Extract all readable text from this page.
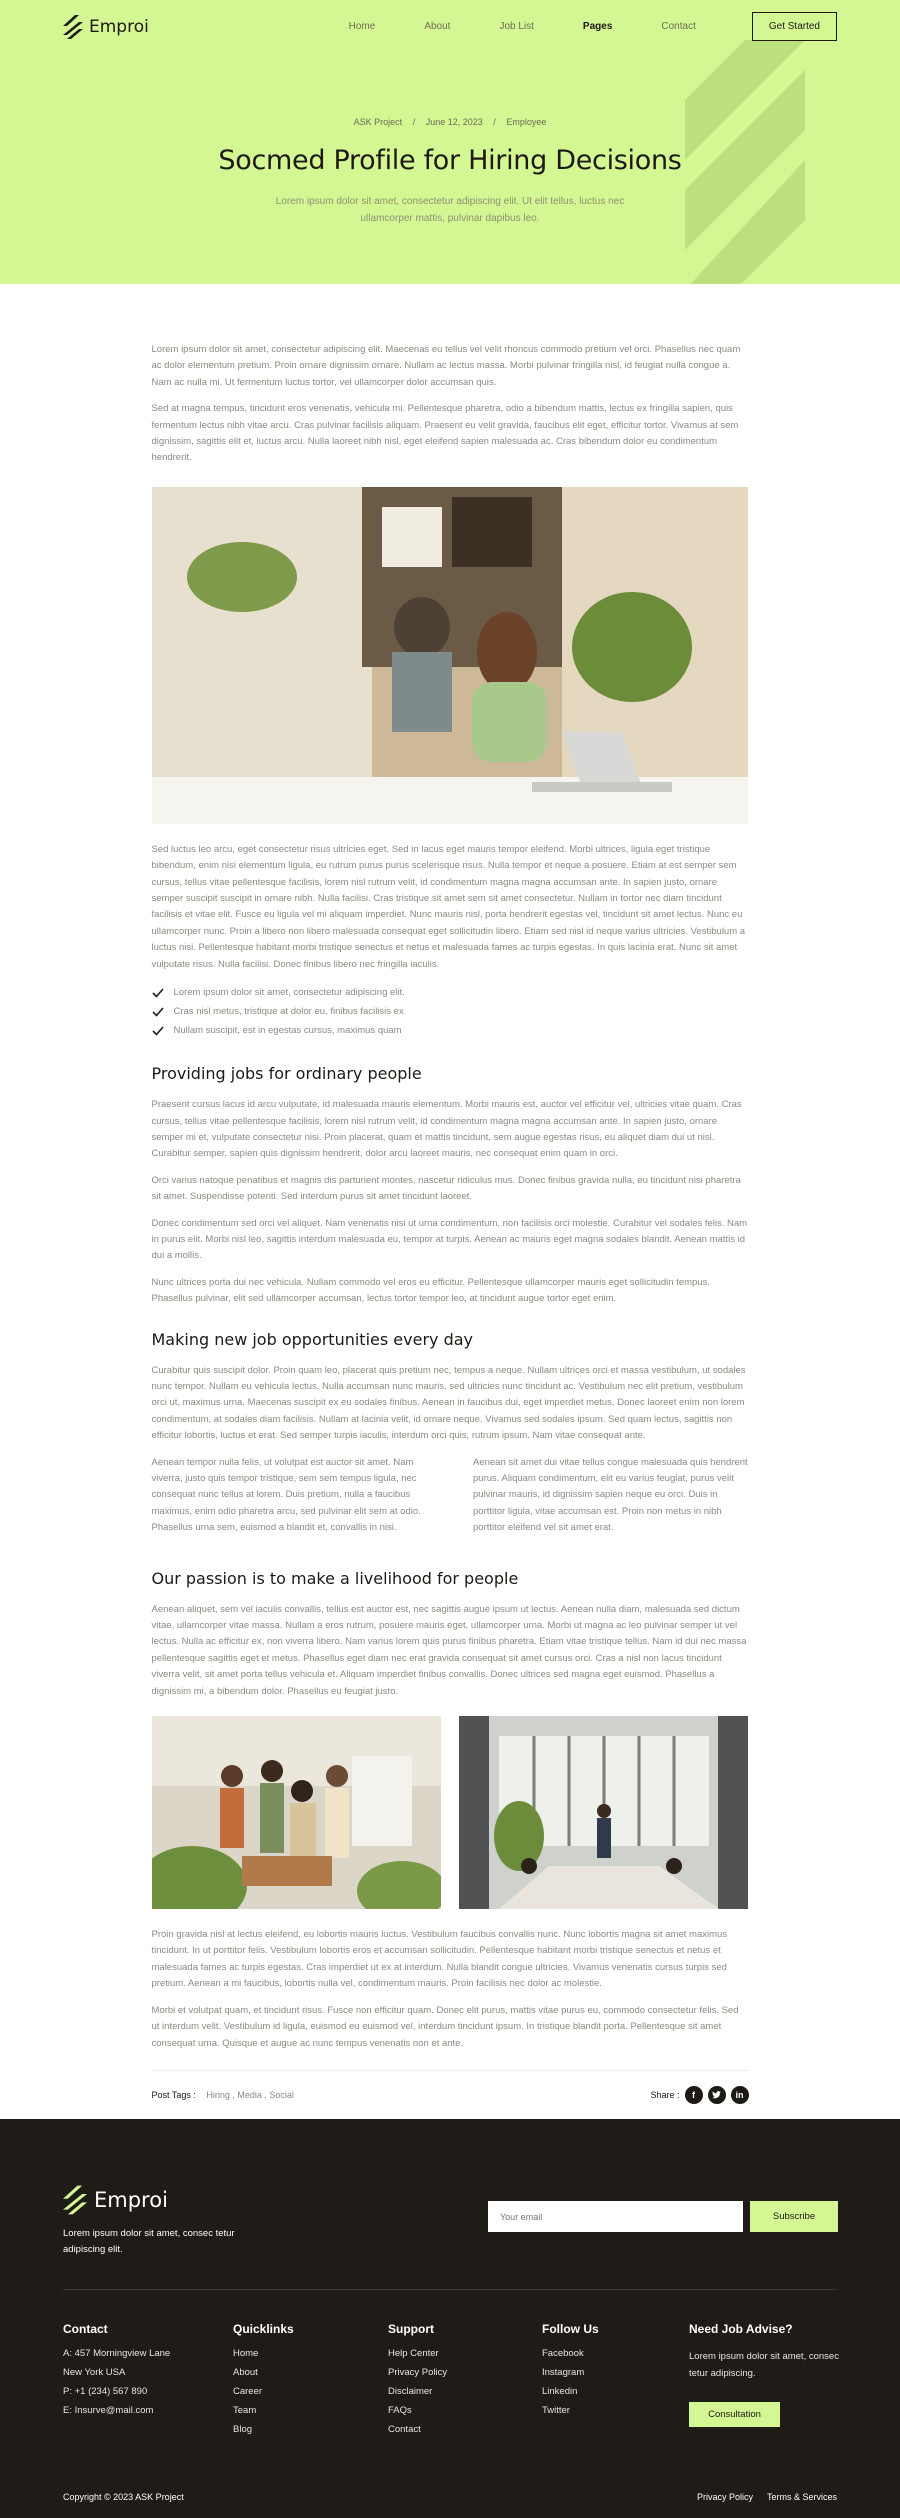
Emproi	Home	About	Job List	Pages	Contact	Get Started
ASK Project / June 12, 2023 / Employee
Socmed Profile for Hiring Decisions

Lorem ipsum dolor sit amet, consectetur adipiscing elit. Ut elit tellus, luctus nec ullamcorper mattis, pulvinar dapibus leo.

Lorem ipsum dolor sit amet, consectetur adipiscing elit. Maecenas eu tellus vel velit rhoncus commodo pretium vel orci. Phasellus nec quam ac dolor elementum pretium. Proin ornare dignissim ornare. Nullam ac lectus massa. Morbi pulvinar fringilla nisl, id feugiat nulla congue a. Nam ac nulla mi. Ut fermentum luctus tortor, vel ullamcorper dolor accumsan quis.

Sed at magna tempus, tincidunt eros venenatis, vehicula mi. Pellentesque pharetra, odio a bibendum mattis, lectus ex fringilla sapien, quis fermentum lectus nibh vitae arcu. Cras pulvinar facilisis aliquam. Praesent eu velit gravida, faucibus elit eget, efficitur tortor. Vivamus at sem dignissim, sagittis elit et, luctus arcu. Nulla laoreet nibh nisl, eget eleifend sapien malesuada ac. Cras bibendum dolor eu condimentum hendrerit.

Sed luctus leo arcu, eget consectetur risus ultricies eget. Sed in lacus eget mauris tempor eleifend. Morbi ultrices, ligula eget tristique bibendum, enim nisi elementum ligula, eu rutrum purus purus scelerisque risus. Nulla tempor et neque a posuere. Etiam at est semper sem cursus, tellus vitae pellentesque facilisis, lorem nisl rutrum velit, id condimentum magna magna accumsan ante. In sapien justo, ornare semper suscipit suscipit in ornare nibh. Nulla facilisi. Cras tristique sit amet sem sit amet consectetur. Nullam in tortor nec diam tincidunt facilisis et vitae elit. Fusce eu ligula vel mi aliquam imperdiet. Nunc mauris nisl, porta hendrerit egestas vel, tincidunt sit amet lectus. Nunc eu ullamcorper nunc. Proin a libero non libero malesuada consequat eget sollicitudin libero. Etiam sed nisl id neque varius ultricies. Vestibulum a luctus nisi. Pellentesque habitant morbi tristique senectus et netus et malesuada fames ac turpis egestas. In quis lacinia erat. Nunc sit amet vulputate risus. Nulla facilisi. Donec finibus libero nec fringilla iaculis.

Lorem ipsum dolor sit amet, consectetur adipiscing elit.
Cras nisl metus, tristique at dolor eu, finibus facilisis ex
Nullam suscipit, est in egestas cursus, maximus quam
Providing jobs for ordinary people

Praesent cursus lacus id arcu vulputate, id malesuada mauris elementum. Morbi mauris est, auctor vel efficitur vel, ultricies vitae quam. Cras cursus, tellus vitae pellentesque facilisis, lorem nisl rutrum velit, id condimentum magna magna accumsan ante. In sapien justo, ornare semper mi et, vulputate consectetur nisi. Proin placerat, quam et mattis tincidunt, sem augue egestas risus, eu aliquet diam dui ut nisl. Curabitur semper, sapien quis dignissim hendrerit, dolor arcu laoreet mauris, nec consequat enim quam in orci.

Orci varius natoque penatibus et magnis dis parturient montes, nascetur ridiculus mus. Donec finibus gravida nulla, eu tincidunt nisi pharetra sit amet. Suspendisse potenti. Sed interdum purus sit amet tincidunt laoreet.

Donec condimentum sed orci vel aliquet. Nam venenatis nisi ut urna condimentum, non facilisis orci molestie. Curabitur vel sodales felis. Nam in purus elit. Morbi nisl leo, sagittis interdum malesuada eu, tempor at turpis. Aenean ac mauris eget magna sodales blandit. Aenean mattis id dui a mollis.

Nunc ultrices porta dui nec vehicula. Nullam commodo vel eros eu efficitur. Pellentesque ullamcorper mauris eget sollicitudin tempus. Phasellus pulvinar, elit sed ullamcorper accumsan, lectus tortor tempor leo, at tincidunt augue tortor eget enim.

Making new job opportunities every day

Curabitur quis suscipit dolor. Proin quam leo, placerat quis pretium nec, tempus a neque. Nullam ultrices orci et massa vestibulum, ut sodales nunc tempor. Nullam eu vehicula lectus. Nulla accumsan nunc mauris, sed ultricies nunc tincidunt ac. Vestibulum nec elit pretium, vestibulum orci ut, maximus urna. Maecenas suscipit ex eu sodales finibus. Aenean in faucibus dui, eget imperdiet metus. Donec laoreet enim non lorem condimentum, at sodales diam facilisis. Nullam at lacinia velit, id ornare neque. Vivamus sed sodales ipsum. Sed quam lectus, sagittis non efficitur lobortis, luctus et erat. Sed semper turpis iaculis, interdum orci quis, rutrum ipsum. Nam vitae consequat ante.

Aenean tempor nulla felis, ut volutpat est auctor sit amet. Nam viverra, justo quis tempor tristique, sem sem tempus ligula, nec consequat nunc tellus at lorem. Duis pretium, nulla a faucibus maximus, enim odio pharetra arcu, sed pulvinar elit sem at odio. Phasellus urna sem, euismod a blandit et, convallis in nisi.

Aenean sit amet dui vitae tellus congue malesuada quis hendrerit purus. Aliquam condimentum, elit eu varius feugiat, purus velit pulvinar mauris, id dignissim sapien neque eu orci. Duis in porttitor ligula, vitae accumsan est. Proin non metus in nibh porttitor eleifend vel sit amet erat.

Our passion is to make a livelihood for people

Aenean aliquet, sem vel iaculis convallis, tellus est auctor est, nec sagittis augue ipsum ut lectus. Aenean nulla diam, malesuada sed dictum vitae, ullamcorper vitae massa. Nullam a eros rutrum, posuere mauris eget, ullamcorper urna. Morbi ut magna ac leo pulvinar semper ut vel lectus. Nulla ac efficitur ex, non viverra libero. Nam varius lorem quis purus finibus pharetra. Etiam vitae tristique tellus. Nam id dui nec massa pellentesque sagittis eget et metus. Phasellus eget diam nec erat gravida consequat sit amet cursus orci. Cras a nisl non lacus tincidunt viverra velit, sit amet porta tellus vehicula et. Aliquam imperdiet finibus convallis. Donec ultrices sed magna eget euismod. Phasellus a dignissim mi, a bibendum dolor. Phasellus eu feugiat justo.

Proin gravida nisl at lectus eleifend, eu lobortis mauris luctus. Vestibulum faucibus convallis nunc. Nunc lobortis magna sit amet maximus tincidunt. In ut porttitor felis. Vestibulum lobortis eros et accumsan sollicitudin. Pellentesque habitant morbi tristique senectus et netus et malesuada fames ac turpis egestas. Cras imperdiet ut ex at interdum. Nulla blandit congue ultricies. Vivamus venenatis cursus turpis sed pretium. Aenean a mi faucibus, lobortis nulla vel, condimentum mauris. Proin facilisis nec dolor ac molestie.

Morbi et volutpat quam, et tincidunt risus. Fusce non efficitur quam. Donec elit purus, mattis vitae purus eu, commodo consectetur felis. Sed ut interdum velit. Vestibulum id ligula, euismod eu euismod vel, interdum tincidunt ipsum. In tristique blandit porta. Pellentesque sit amet consequat urna. Quisque et augue ac nunc tempus venenatis non et ante.

Post Tags : Hiring , Media , Social	Share :	f	in
Emproi

Lorem ipsum dolor sit amet, consec tetur adipiscing elit.

Your email
Subscribe
Contact
A: 457 Morningview Lane
New York USA
P: +1 (234) 567 890
E: Insurve@mail.com
Quicklinks
Home
About
Career
Team
Blog
Support
Help Center
Privacy Policy
Disclaimer
FAQs
Contact
Follow Us
Facebook
Instagram
Linkedin
Twitter
Need Job Advise?

Lorem ipsum dolor sit amet, consec tetur adipiscing.

Consultation
Copyright © 2023 ASK Project	Privacy Policy Terms & Services
